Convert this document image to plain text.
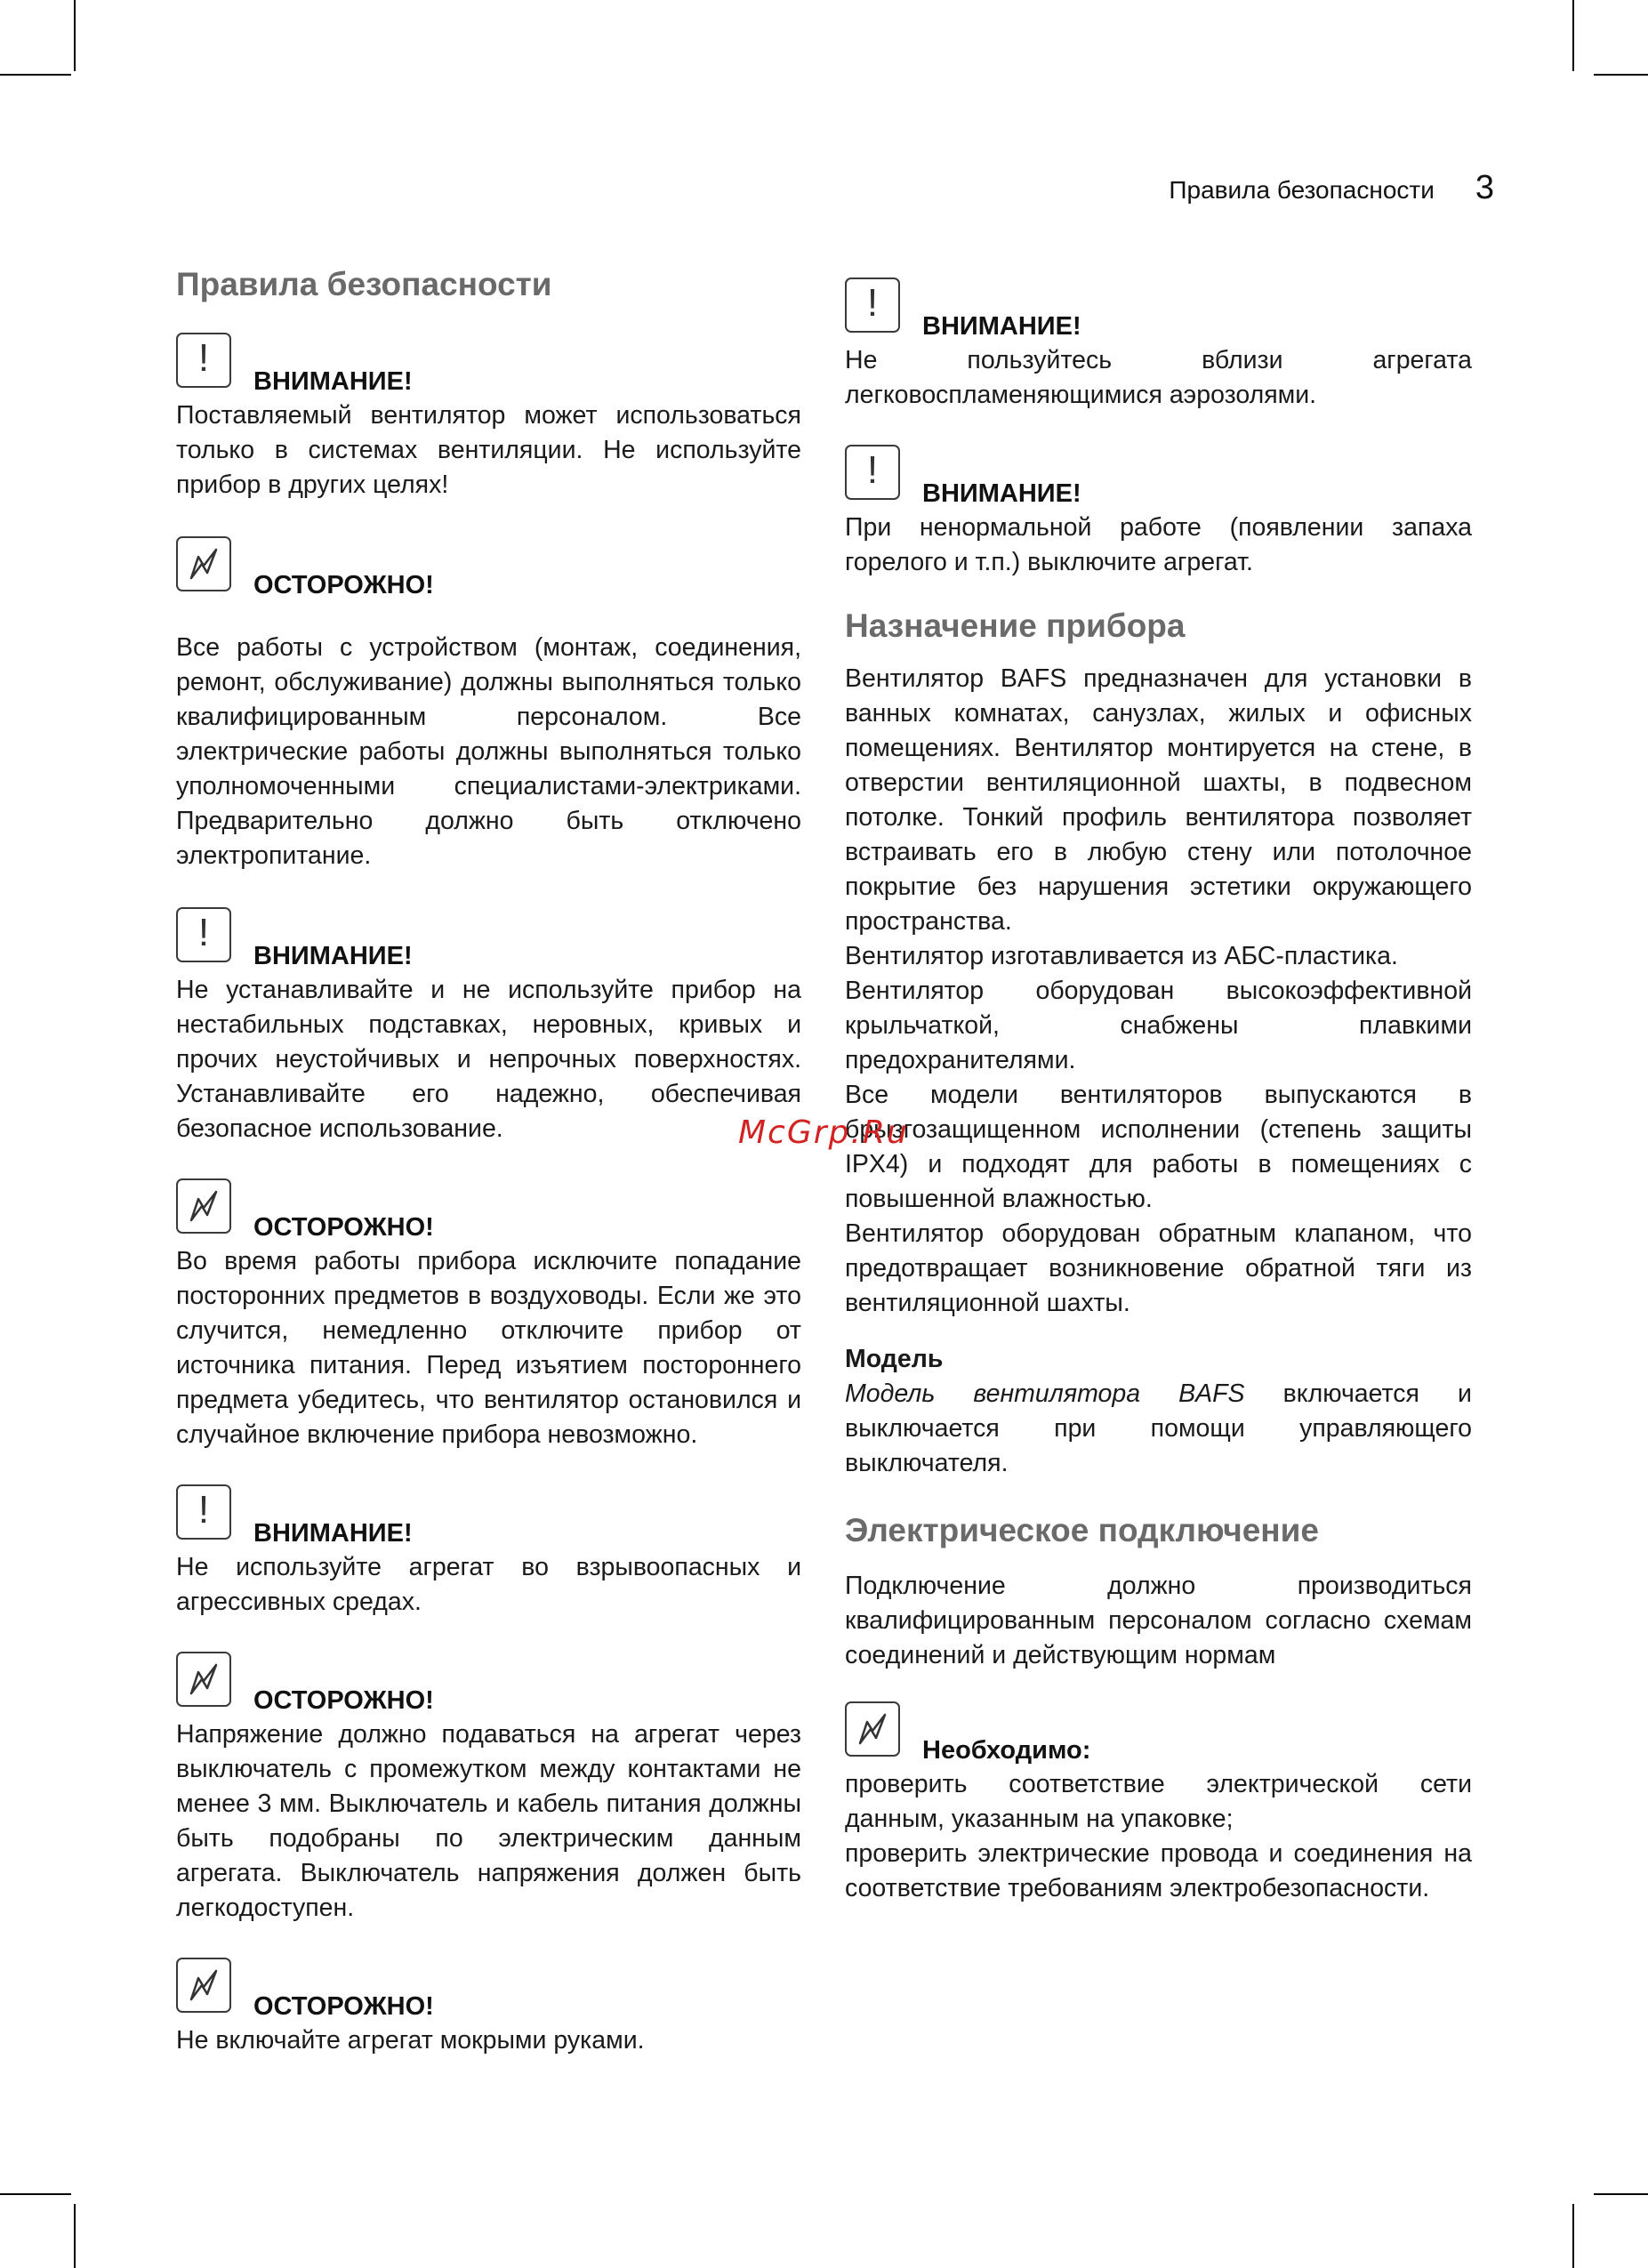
Правила безопасности 3
Правила безопасности
!
ВНИМАНИЕ!

Поставляемый вентилятор может использоваться только в системах вентиляции. Не используйте прибор в других целях!

ОСТОРОЖНО!

Все работы с устройством (монтаж, соединения, ремонт, обслуживание) должны выполняться только квалифицированным персоналом. Все электрические работы должны выполняться только уполномоченными специалистами-электриками. Предварительно должно быть отключено электропитание.

!
ВНИМАНИЕ!

Не устанавливайте и не используйте прибор на нестабильных подставках, неровных, кривых и прочих неустойчивых и непрочных поверхностях. Устанавливайте его надежно, обеспечивая безопасное использование.

ОСТОРОЖНО!

Во время работы прибора исключите попадание посторонних предметов в воздуховоды. Если же это случится, немедленно отключите прибор от источника питания. Перед изъятием постороннего предмета убедитесь, что вентилятор остановился и случайное включение прибора невозможно.

!
ВНИМАНИЕ!

Не используйте агрегат во взрывоопасных и агрессивных средах.

ОСТОРОЖНО!

Напряжение должно подаваться на агрегат через выключатель с промежутком между контактами не менее 3 мм. Выключатель и кабель питания должны быть подобраны по электрическим данным агрегата. Выключатель напряжения должен быть легкодоступен.

ОСТОРОЖНО!

Не включайте агрегат мокрыми руками.

!
ВНИМАНИЕ!

Не пользуйтесь вблизи агрегата легковоспламеняющимися аэрозолями.

!
ВНИМАНИЕ!

При ненормальной работе (появлении запаха горелого и т.п.) выключите агрегат.

Назначение прибора

Вентилятор BAFS предназначен для установки в ванных комнатах, санузлах, жилых и офисных помещениях. Вентилятор монтируется на стене, в отверстии вентиляционной шахты, в подвесном потолке. Тонкий профиль вентилятора позволяет встраивать его в любую стену или потолочное покрытие без нарушения эстетики окружающего пространства.

Вентилятор изготавливается из АБС-пластика.

Вентилятор оборудован высокоэффективной крыльчаткой, снабжены плавкими предохранителями.

Все модели вентиляторов выпускаются в брызгозащищенном исполнении (степень защиты IPX4) и подходят для работы в помещениях с повышенной влажностью.

Вентилятор оборудован обратным клапаном, что предотвращает возникновение обратной тяги из вентиляционной шахты.

Модель

Модель вентилятора BAFS включается и выключается при помощи управляющего выключателя.

Электрическое подключение

Подключение должно производиться квалифицированным персоналом согласно схемам соединений и действующим нормам

Необходимо:

проверить соответствие электрической сети данным, указанным на упаковке;

проверить электрические провода и соединения на соответствие требованиям электробезопасности.

McGrp.Ru
